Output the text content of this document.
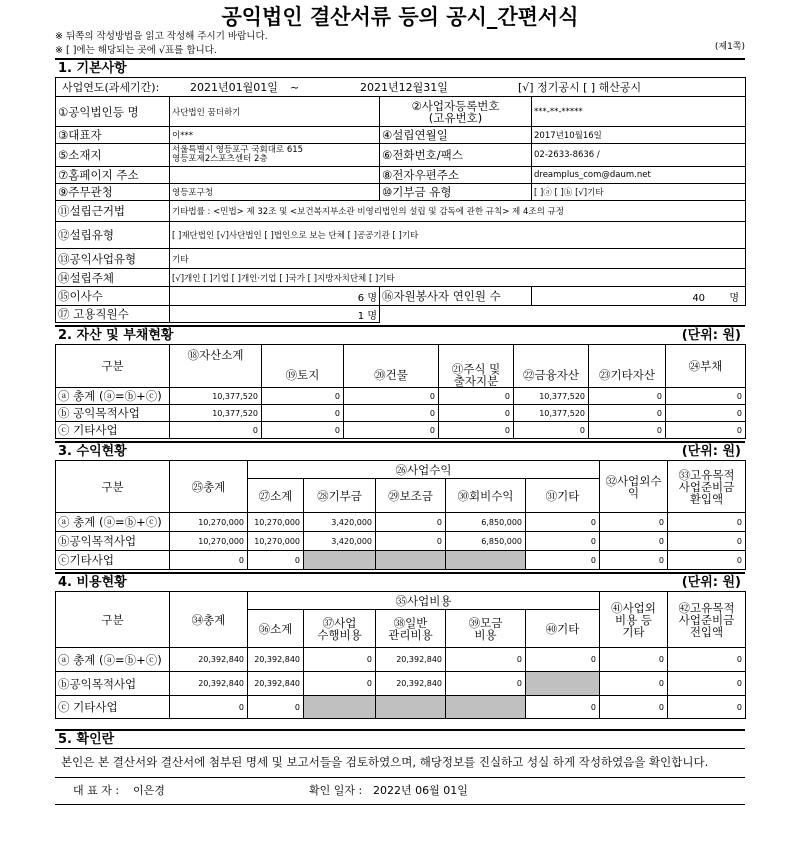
공익법인 결산서류 등의 공시_간편서식
※ 뒤쪽의 작성방법을 읽고 작성해 주시기 바랍니다.
※ [ ]에는 해당되는 곳에 √표를 합니다.	(제1쪽)
1. 기본사항
사업연도(과세기간): 2021년01월01일 ~ 2021년12월31일 [√] 정기공시 [ ] 해산공시			
①공익법인등 명	사단법인 꿈더하기	②사업자등록번호
(고유번호)	***-**-*****
③대표자	이***	④설립연월일	2017년10월16일
⑤소재지	서울특별시 영등포구 국회대로 615
영등포제2스포츠센터 2층	⑥전화번호/팩스	02-2633-8636 /
⑦홈페이지 주소		⑧전자우편주소	dreamplus_com@daum.net
⑨주무관청	영등포구청	⑩기부금 유형	[ ]ⓐ [ ]ⓑ [√]기타
⑪설립근거법	기타법률 : <민법> 제 32조 및 <보건복지부소관 비영리법인의 설립 및 감독에 관한 규칙> 제 4조의 규정		
⑫설립유형	[ ]재단법인 [√]사단법인 [ ]법인으로 보는 단체 [ ]공공기관 [ ]기타		
⑬공익사업유형	기타		
⑭설립주체	[√]개인 [ ]기업 [ ]개인·기업 [ ]국가 [ ]지방자치단체 [ ]기타		
⑮이사수	6 명	⑯자원봉사자 연인원 수	40 명
⑰ 고용직원수	1 명		
2. 자산 및 부채현황	(단위: 원)
구분	⑱자산소계	⑲토지	⑳건물	㉑주식 및
출자지분	㉒금융자산	㉓기타자산	㉔부채
ⓐ 총계 (ⓐ=ⓑ+ⓒ)	10,377,520	0	0	0	10,377,520	0	0
ⓑ 공익목적사업	10,377,520	0	0	0	10,377,520	0	0
ⓒ 기타사업	0	0	0	0	0	0	0
3. 수익현황	(단위: 원)
구분	㉕총계	㉖사업수익					㉜사업외수익	㉝고유목적
사업준비금
환입액
		㉗소계	㉘기부금	㉙보조금	㉚회비수익	㉛기타		
ⓐ 총계 (ⓐ=ⓑ+ⓒ)	10,270,000	10,270,000	3,420,000	0	6,850,000	0	0	0
ⓑ공익목적사업	10,270,000	10,270,000	3,420,000	0	6,850,000	0	0	0
ⓒ기타사업	0	0				0	0	0
4. 비용현황	(단위: 원)
구분	㉞총계	㉟사업비용					㊶사업외
비용 등
기타	㊷고유목적
사업준비금
전입액
		㊱소계	㊲사업
수행비용	㊳일반
관리비용	㊴모금
비용	㊵기타		
ⓐ 총계 (ⓐ=ⓑ+ⓒ)	20,392,840	20,392,840	0	20,392,840	0	0	0	0
ⓑ공익목적사업	20,392,840	20,392,840	0	20,392,840	0		0	0
ⓒ 기타사업	0	0				0	0	0
5. 확인란
본인은 본 결산서와 결산서에 첨부된 명세 및 보고서들을 검토하였으며, 해당정보를 진실하고 성실 하게 작성하였음을 확인합니다.
대 표 자 : 이은경	확인 일자 : 2022년 06월 01일
